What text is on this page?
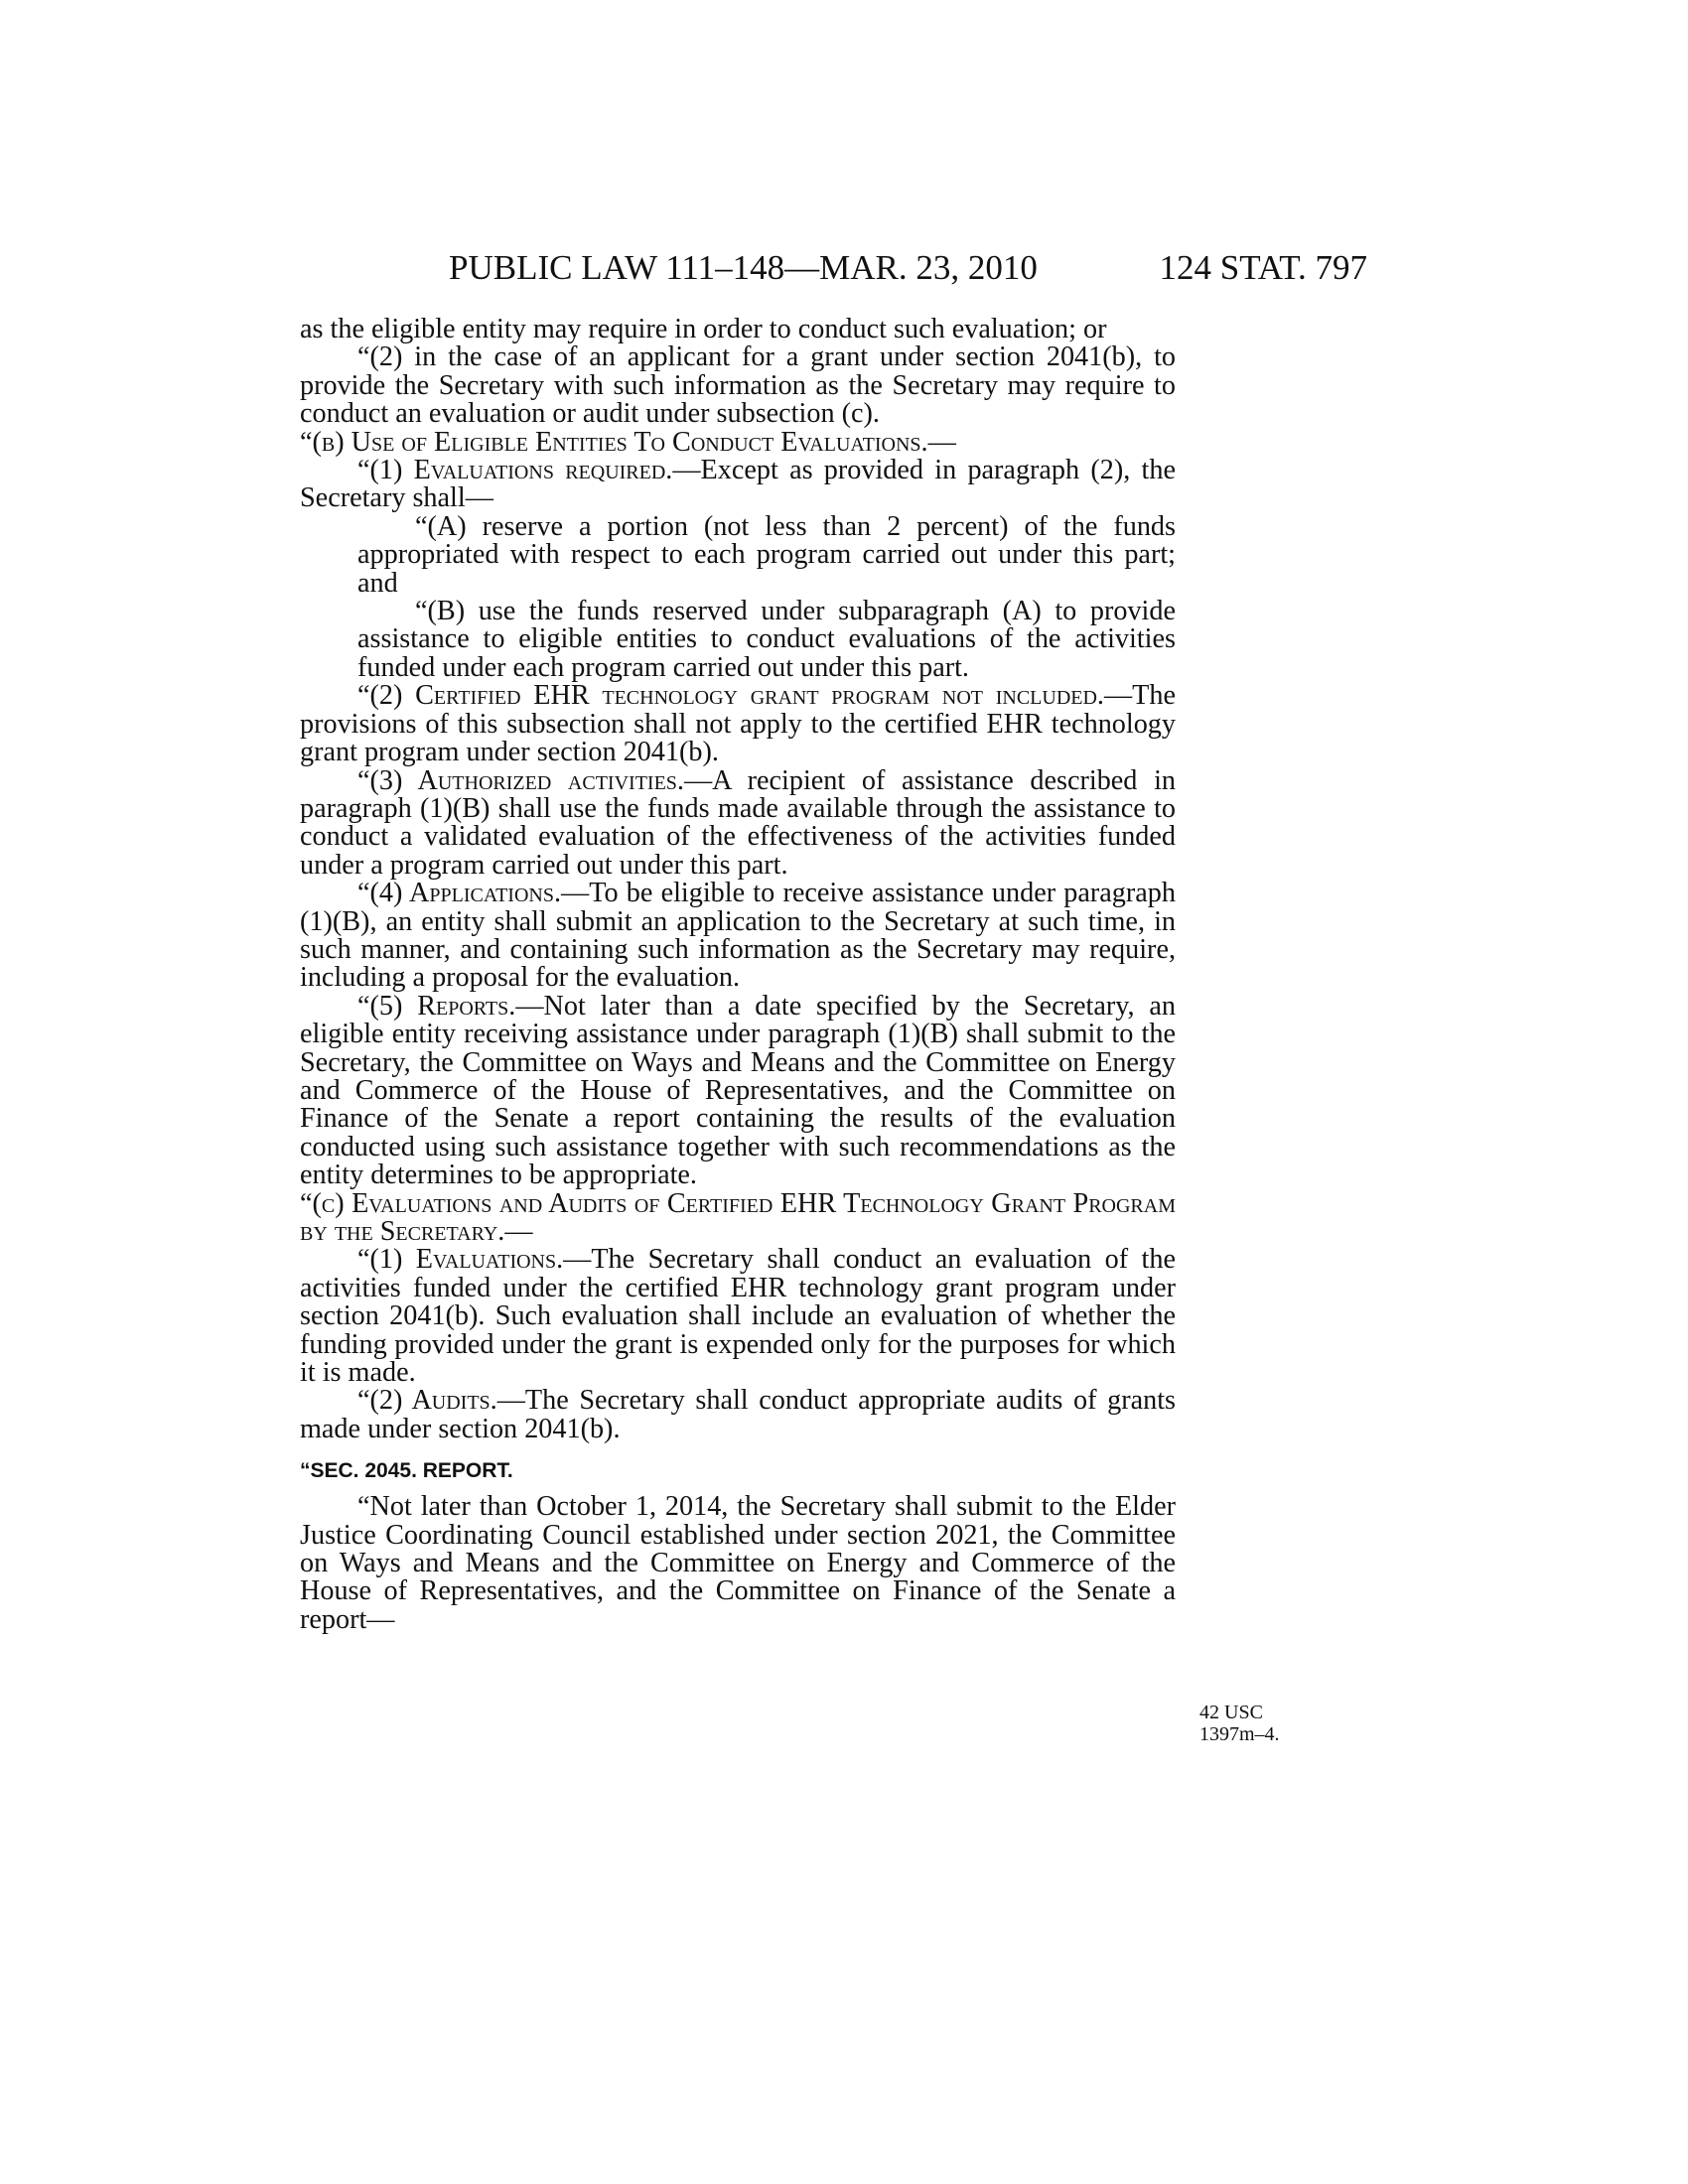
PUBLIC LAW 111–148—MAR. 23, 2010	124 STAT. 797

as the eligible entity may require in order to conduct such evaluation; or

“(2) in the case of an applicant for a grant under section 2041(b), to provide the Secretary with such information as the Secretary may require to conduct an evaluation or audit under subsection (c).

“(b) Use of Eligible Entities To Conduct Evaluations.—

“(1) Evaluations required.—Except as provided in paragraph (2), the Secretary shall—

“(A) reserve a portion (not less than 2 percent) of the funds appropriated with respect to each program carried out under this part; and

“(B) use the funds reserved under subparagraph (A) to provide assistance to eligible entities to conduct evaluations of the activities funded under each program carried out under this part.

“(2) Certified EHR technology grant program not included.—The provisions of this subsection shall not apply to the certified EHR technology grant program under section 2041(b).

“(3) Authorized activities.—A recipient of assistance described in paragraph (1)(B) shall use the funds made available through the assistance to conduct a validated evaluation of the effectiveness of the activities funded under a program carried out under this part.

“(4) Applications.—To be eligible to receive assistance under paragraph (1)(B), an entity shall submit an application to the Secretary at such time, in such manner, and containing such information as the Secretary may require, including a proposal for the evaluation.

“(5) Reports.—Not later than a date specified by the Secretary, an eligible entity receiving assistance under paragraph (1)(B) shall submit to the Secretary, the Committee on Ways and Means and the Committee on Energy and Commerce of the House of Representatives, and the Committee on Finance of the Senate a report containing the results of the evaluation conducted using such assistance together with such recommendations as the entity determines to be appropriate.

“(c) Evaluations and Audits of Certified EHR Technology Grant Program by the Secretary.—

“(1) Evaluations.—The Secretary shall conduct an evaluation of the activities funded under the certified EHR technology grant program under section 2041(b). Such evaluation shall include an evaluation of whether the funding provided under the grant is expended only for the purposes for which it is made.

“(2) Audits.—The Secretary shall conduct appropriate audits of grants made under section 2041(b).

“SEC. 2045. REPORT.

“Not later than October 1, 2014, the Secretary shall submit to the Elder Justice Coordinating Council established under section 2021, the Committee on Ways and Means and the Committee on Energy and Commerce of the House of Representatives, and the Committee on Finance of the Senate a report—

42 USC
1397m–4.
